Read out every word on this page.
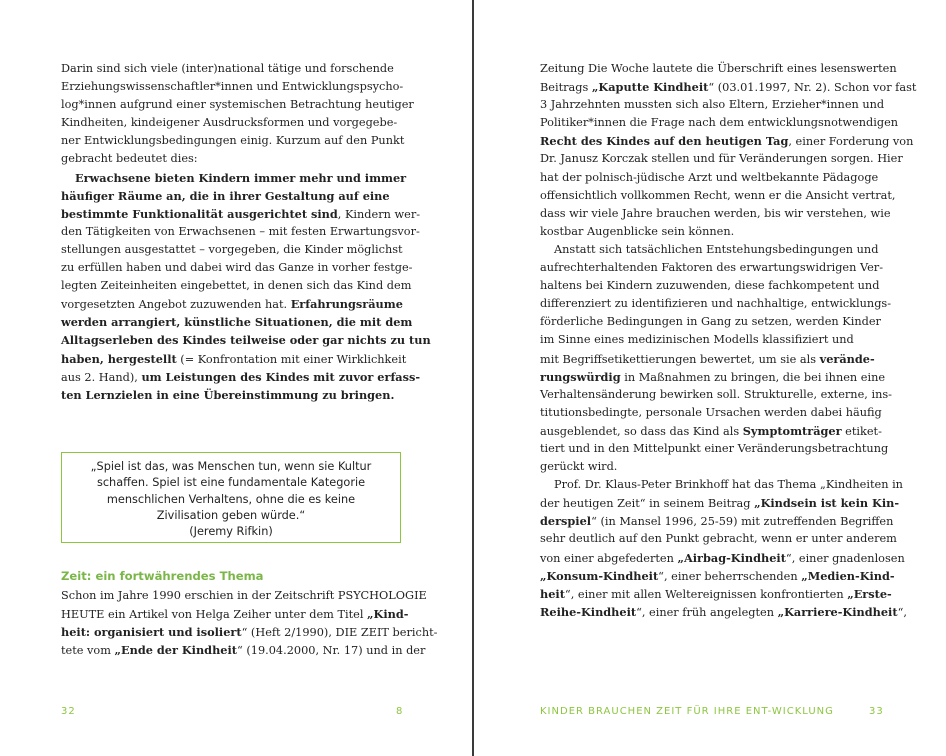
Darin sind sich viele (inter)national tätige und forschende
Erziehungswissenschaftler*innen und Entwicklungspsycho-
log*innen aufgrund einer systemischen Betrachtung heutiger
Kindheiten, kindeigener Ausdrucksformen und vorgegebe-
ner Entwicklungsbedingungen einig. Kurzum auf den Punkt
gebracht bedeutet dies:
Erwachsene bieten Kindern immer mehr und immer
häufiger Räume an, die in ihrer Gestaltung auf eine
bestimmte Funktionalität ausgerichtet sind, Kindern wer-
den Tätigkeiten von Erwachsenen – mit festen Erwartungsvor-
stellungen ausgestattet – vorgegeben, die Kinder möglichst
zu erfüllen haben und dabei wird das Ganze in vorher festge-
legten Zeiteinheiten eingebettet, in denen sich das Kind dem
vorgesetzten Angebot zuzuwenden hat. Erfahrungsräume
werden arrangiert, künstliche Situationen, die mit dem
Alltagserleben des Kindes teilweise oder gar nichts zu tun
haben, hergestellt (= Konfrontation mit einer Wirklichkeit
aus 2. Hand), um Leistungen des Kindes mit zuvor erfass-
ten Lernzielen in eine Übereinstimmung zu bringen.
„Spiel ist das, was Menschen tun, wenn sie Kultur
schaffen. Spiel ist eine fundamentale Kategorie
menschlichen Verhaltens, ohne die es keine
Zivilisation geben würde.“
(Jeremy Rifkin)
Zeit: ein fortwährendes Thema
Schon im Jahre 1990 erschien in der Zeitschrift PSYCHOLOGIE
HEUTE ein Artikel von Helga Zeiher unter dem Titel „Kind-
heit: organisiert und isoliert“ (Heft 2/1990), DIE ZEIT bericht-
tete vom „Ende der Kindheit“ (19.04.2000, Nr. 17) und in der
32	8
Zeitung Die Woche lautete die Überschrift eines lesenswerten
Beitrags „Kaputte Kindheit“ (03.01.1997, Nr. 2). Schon vor fast
3 Jahrzehnten mussten sich also Eltern, Erzieher*innen und
Politiker*innen die Frage nach dem entwicklungsnotwendigen
Recht des Kindes auf den heutigen Tag, einer Forderung von
Dr. Janusz Korczak stellen und für Veränderungen sorgen. Hier
hat der polnisch-jüdische Arzt und weltbekannte Pädagoge
offensichtlich vollkommen Recht, wenn er die Ansicht vertrat,
dass wir viele Jahre brauchen werden, bis wir verstehen, wie
kostbar Augenblicke sein können.
Anstatt sich tatsächlichen Entstehungsbedingungen und
aufrechterhaltenden Faktoren des erwartungswidrigen Ver-
haltens bei Kindern zuzuwenden, diese fachkompetent und
differenziert zu identifizieren und nachhaltige, entwicklungs-
förderliche Bedingungen in Gang zu setzen, werden Kinder
im Sinne eines medizinischen Modells klassifiziert und
mit Begriffsetikettierungen bewertet, um sie als verände-
rungswürdig in Maßnahmen zu bringen, die bei ihnen eine
Verhaltensänderung bewirken soll. Strukturelle, externe, ins-
titutionsbedingte, personale Ursachen werden dabei häufig
ausgeblendet, so dass das Kind als Symptomträger etiket-
tiert und in den Mittelpunkt einer Veränderungsbetrachtung
gerückt wird.
Prof. Dr. Klaus-Peter Brinkhoff hat das Thema „Kindheiten in
der heutigen Zeit“ in seinem Beitrag „Kindsein ist kein Kin-
derspiel“ (in Mansel 1996, 25-59) mit zutreffenden Begriffen
sehr deutlich auf den Punkt gebracht, wenn er unter anderem
von einer abgefederten „Airbag-Kindheit“, einer gnadenlosen
„Konsum-Kindheit“, einer beherrschenden „Medien-Kind-
heit“, einer mit allen Weltereignissen konfrontierten „Erste-
Reihe-Kindheit“, einer früh angelegten „Karriere-Kindheit“,
KINDER BRAUCHEN ZEIT FÜR IHRE ENT-WICKLUNG	33
